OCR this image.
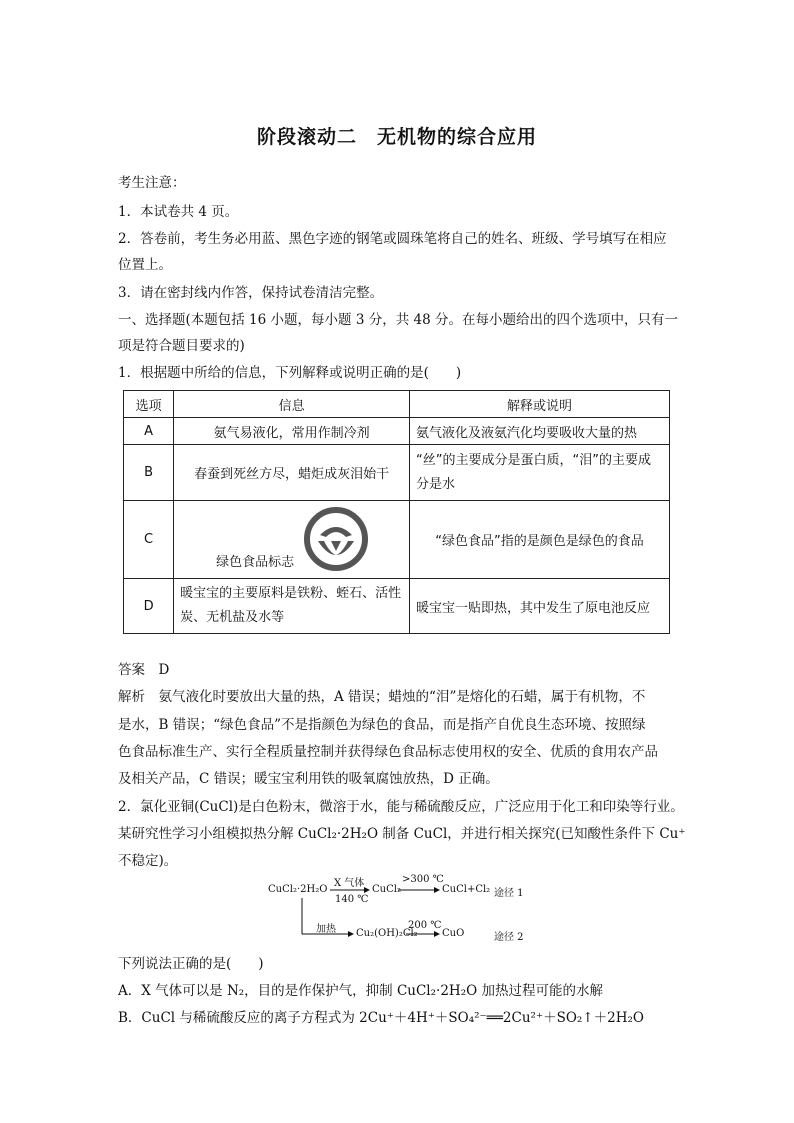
阶段滚动二　无机物的综合应用
考生注意：
1．本试卷共 4 页。
2．答卷前，考生务必用蓝、黑色字迹的钢笔或圆珠笔将自己的姓名、班级、学号填写在相应
位置上。
3．请在密封线内作答，保持试卷清洁完整。
一、选择题(本题包括 16 小题，每小题 3 分，共 48 分。在每小题给出的四个选项中，只有一
项是符合题目要求的)
1．根据题中所给的信息，下列解释或说明正确的是(　　)
选项	信息	解释或说明
A	氨气易液化，常用作制冷剂	氨气液化及液氨汽化均要吸收大量的热
B	春蚕到死丝方尽，蜡炬成灰泪始干	“丝”的主要成分是蛋白质，“泪”的主要成分是水
C	绿色食品标志	“绿色食品”指的是颜色是绿色的食品
D	暖宝宝的主要原料是铁粉、蛭石、活性炭、无机盐及水等	暖宝宝一贴即热，其中发生了原电池反应
答案　D
解析　氨气液化时要放出大量的热，A 错误；蜡烛的“泪”是熔化的石蜡，属于有机物，不
是水，B 错误；“绿色食品”不是指颜色为绿色的食品，而是指产自优良生态环境、按照绿
色食品标准生产、实行全程质量控制并获得绿色食品标志使用权的安全、优质的食用农产品
及相关产品，C 错误；暖宝宝利用铁的吸氧腐蚀放热，D 正确。
2．氯化亚铜(CuCl)是白色粉末，微溶于水，能与稀硫酸反应，广泛应用于化工和印染等行业。
某研究性学习小组模拟热分解 CuCl₂·2H₂O 制备 CuCl，并进行相关探究(已知酸性条件下 Cu⁺
不稳定)。
CuCl₂·2H₂O
X 气体
140 ℃
CuCl₂
>300 ℃
CuCl+Cl₂ 途径 1
加热 Cu₂(OH)₂Cl₂
200 ℃
CuO	途径 2
下列说法正确的是(　　)
A．X 气体可以是 N₂，目的是作保护气，抑制 CuCl₂·2H₂O 加热过程可能的水解
B．CuCl 与稀硫酸反应的离子方程式为 2Cu⁺＋4H⁺＋SO₄²⁻══2Cu²⁺＋SO₂↑＋2H₂O
